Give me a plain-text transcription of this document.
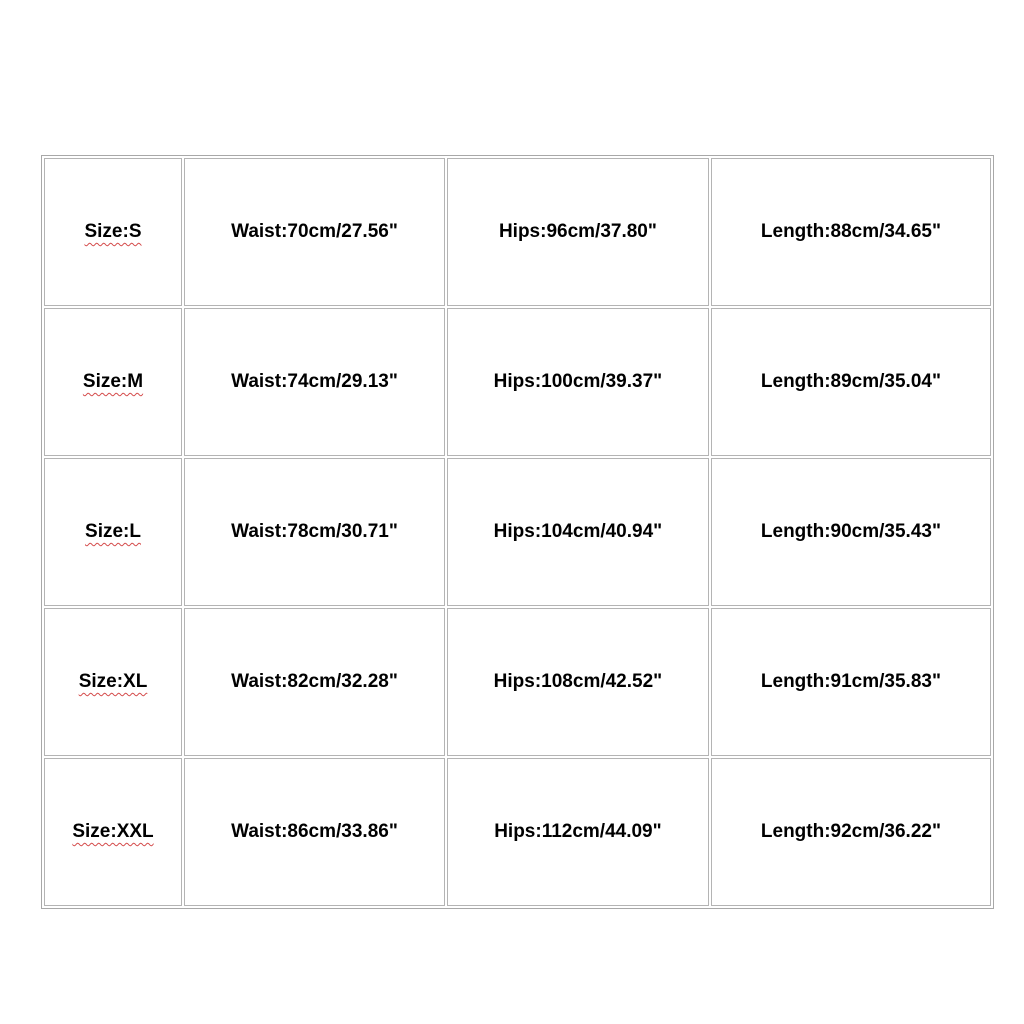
Size:S	Waist:70cm/27.56"	Hips:96cm/37.80"	Length:88cm/34.65"
Size:M	Waist:74cm/29.13"	Hips:100cm/39.37"	Length:89cm/35.04"
Size:L	Waist:78cm/30.71"	Hips:104cm/40.94"	Length:90cm/35.43"
Size:XL	Waist:82cm/32.28"	Hips:108cm/42.52"	Length:91cm/35.83"
Size:XXL	Waist:86cm/33.86"	Hips:112cm/44.09"	Length:92cm/36.22"
